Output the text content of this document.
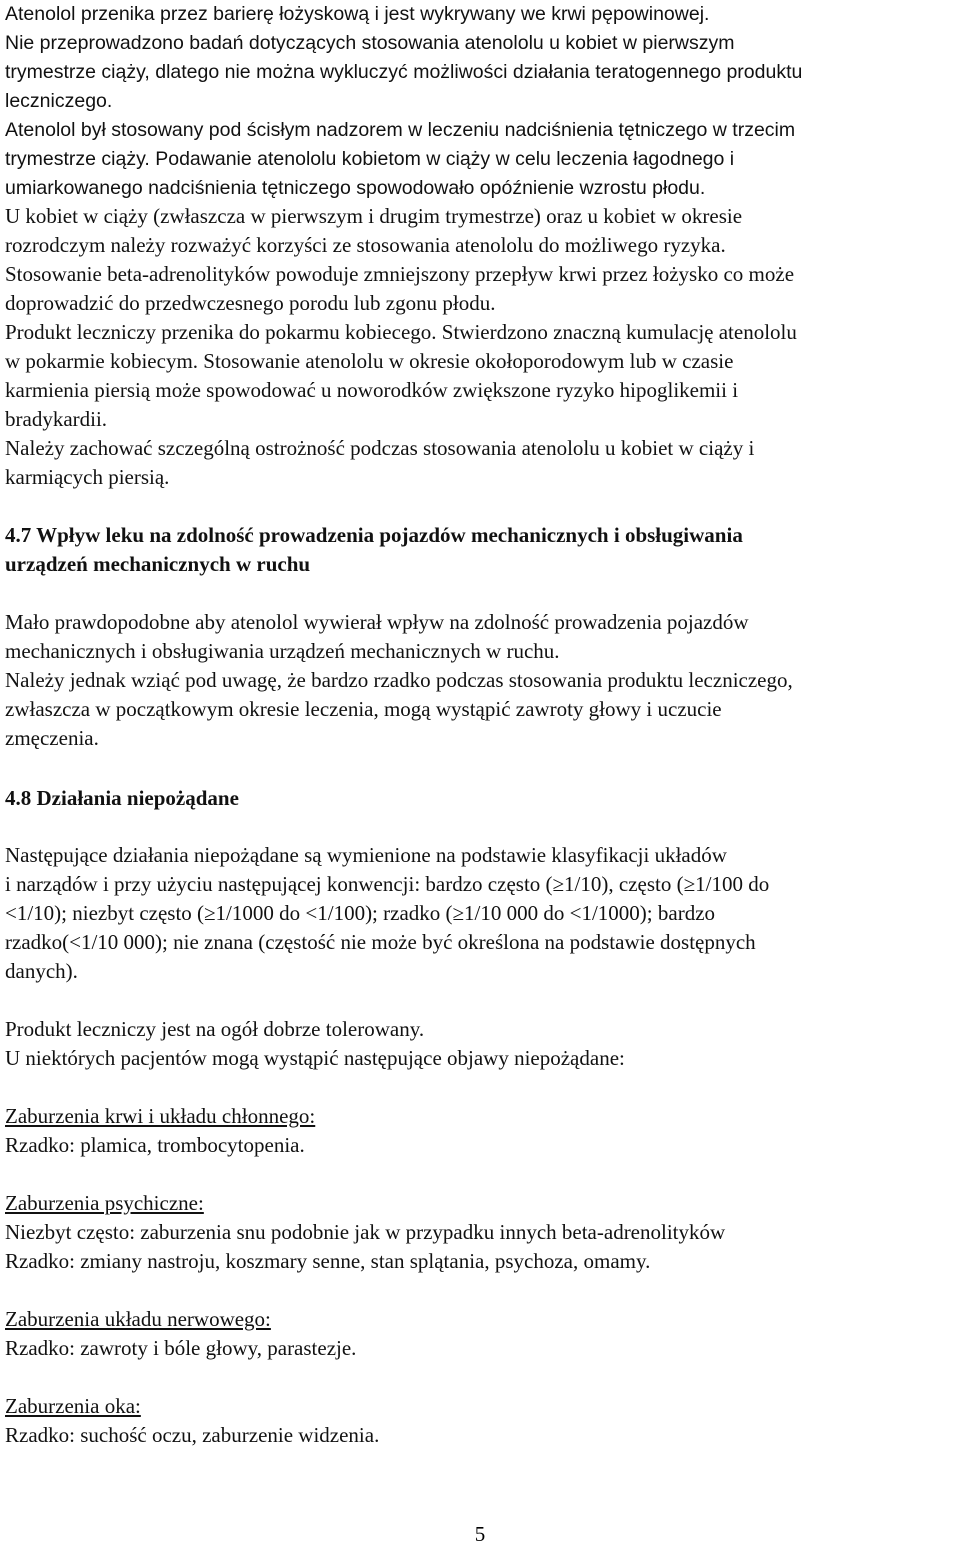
Atenolol przenika przez barierę łożyskową i jest wykrywany we krwi pępowinowej.
Nie przeprowadzono badań dotyczących stosowania atenololu u kobiet w pierwszym
trymestrze ciąży, dlatego nie można wykluczyć możliwości działania teratogennego produktu
leczniczego.
Atenolol był stosowany pod ścisłym nadzorem w leczeniu nadciśnienia tętniczego w trzecim
trymestrze ciąży. Podawanie atenololu kobietom w ciąży w celu leczenia łagodnego i
umiarkowanego nadciśnienia tętniczego spowodowało opóźnienie wzrostu płodu.
U kobiet w ciąży (zwłaszcza w pierwszym i drugim trymestrze) oraz u kobiet w okresie
rozrodczym należy rozważyć korzyści ze stosowania atenololu do możliwego ryzyka.
Stosowanie beta-adrenolityków powoduje zmniejszony przepływ krwi przez łożysko co może
doprowadzić do przedwczesnego porodu lub zgonu płodu.
Produkt leczniczy przenika do pokarmu kobiecego. Stwierdzono znaczną kumulację atenololu
w pokarmie kobiecym. Stosowanie atenololu w okresie okołoporodowym lub w czasie
karmienia piersią może spowodować u noworodków zwiększone ryzyko hipoglikemii i
bradykardii.
Należy zachować szczególną ostrożność podczas stosowania atenololu u kobiet w ciąży i
karmiących piersią.
4.7 Wpływ leku na zdolność prowadzenia pojazdów mechanicznych i obsługiwania
urządzeń mechanicznych w ruchu
Mało prawdopodobne aby atenolol wywierał wpływ na zdolność prowadzenia pojazdów
mechanicznych i obsługiwania urządzeń mechanicznych w ruchu.
Należy jednak wziąć pod uwagę, że bardzo rzadko podczas stosowania produktu leczniczego,
zwłaszcza w początkowym okresie leczenia, mogą wystąpić zawroty głowy i uczucie
zmęczenia.
4.8 Działania niepożądane
Następujące działania niepożądane są wymienione na podstawie klasyfikacji układów
i narządów i przy użyciu następującej konwencji: bardzo często (≥1/10), często (≥1/100 do
<1/10); niezbyt często (≥1/1000 do <1/100); rzadko (≥1/10 000 do <1/1000); bardzo
rzadko(<1/10 000); nie znana (częstość nie może być określona na podstawie dostępnych
danych).
Produkt leczniczy jest na ogół dobrze tolerowany.
U niektórych pacjentów mogą wystąpić następujące objawy niepożądane:
Zaburzenia krwi i układu chłonnego:
Rzadko: plamica, trombocytopenia.
Zaburzenia psychiczne:
Niezbyt często: zaburzenia snu podobnie jak w przypadku innych beta-adrenolityków
Rzadko: zmiany nastroju, koszmary senne, stan splątania, psychoza, omamy.
Zaburzenia układu nerwowego:
Rzadko: zawroty i bóle głowy, parastezje.
Zaburzenia oka:
Rzadko: suchość oczu, zaburzenie widzenia.
5
